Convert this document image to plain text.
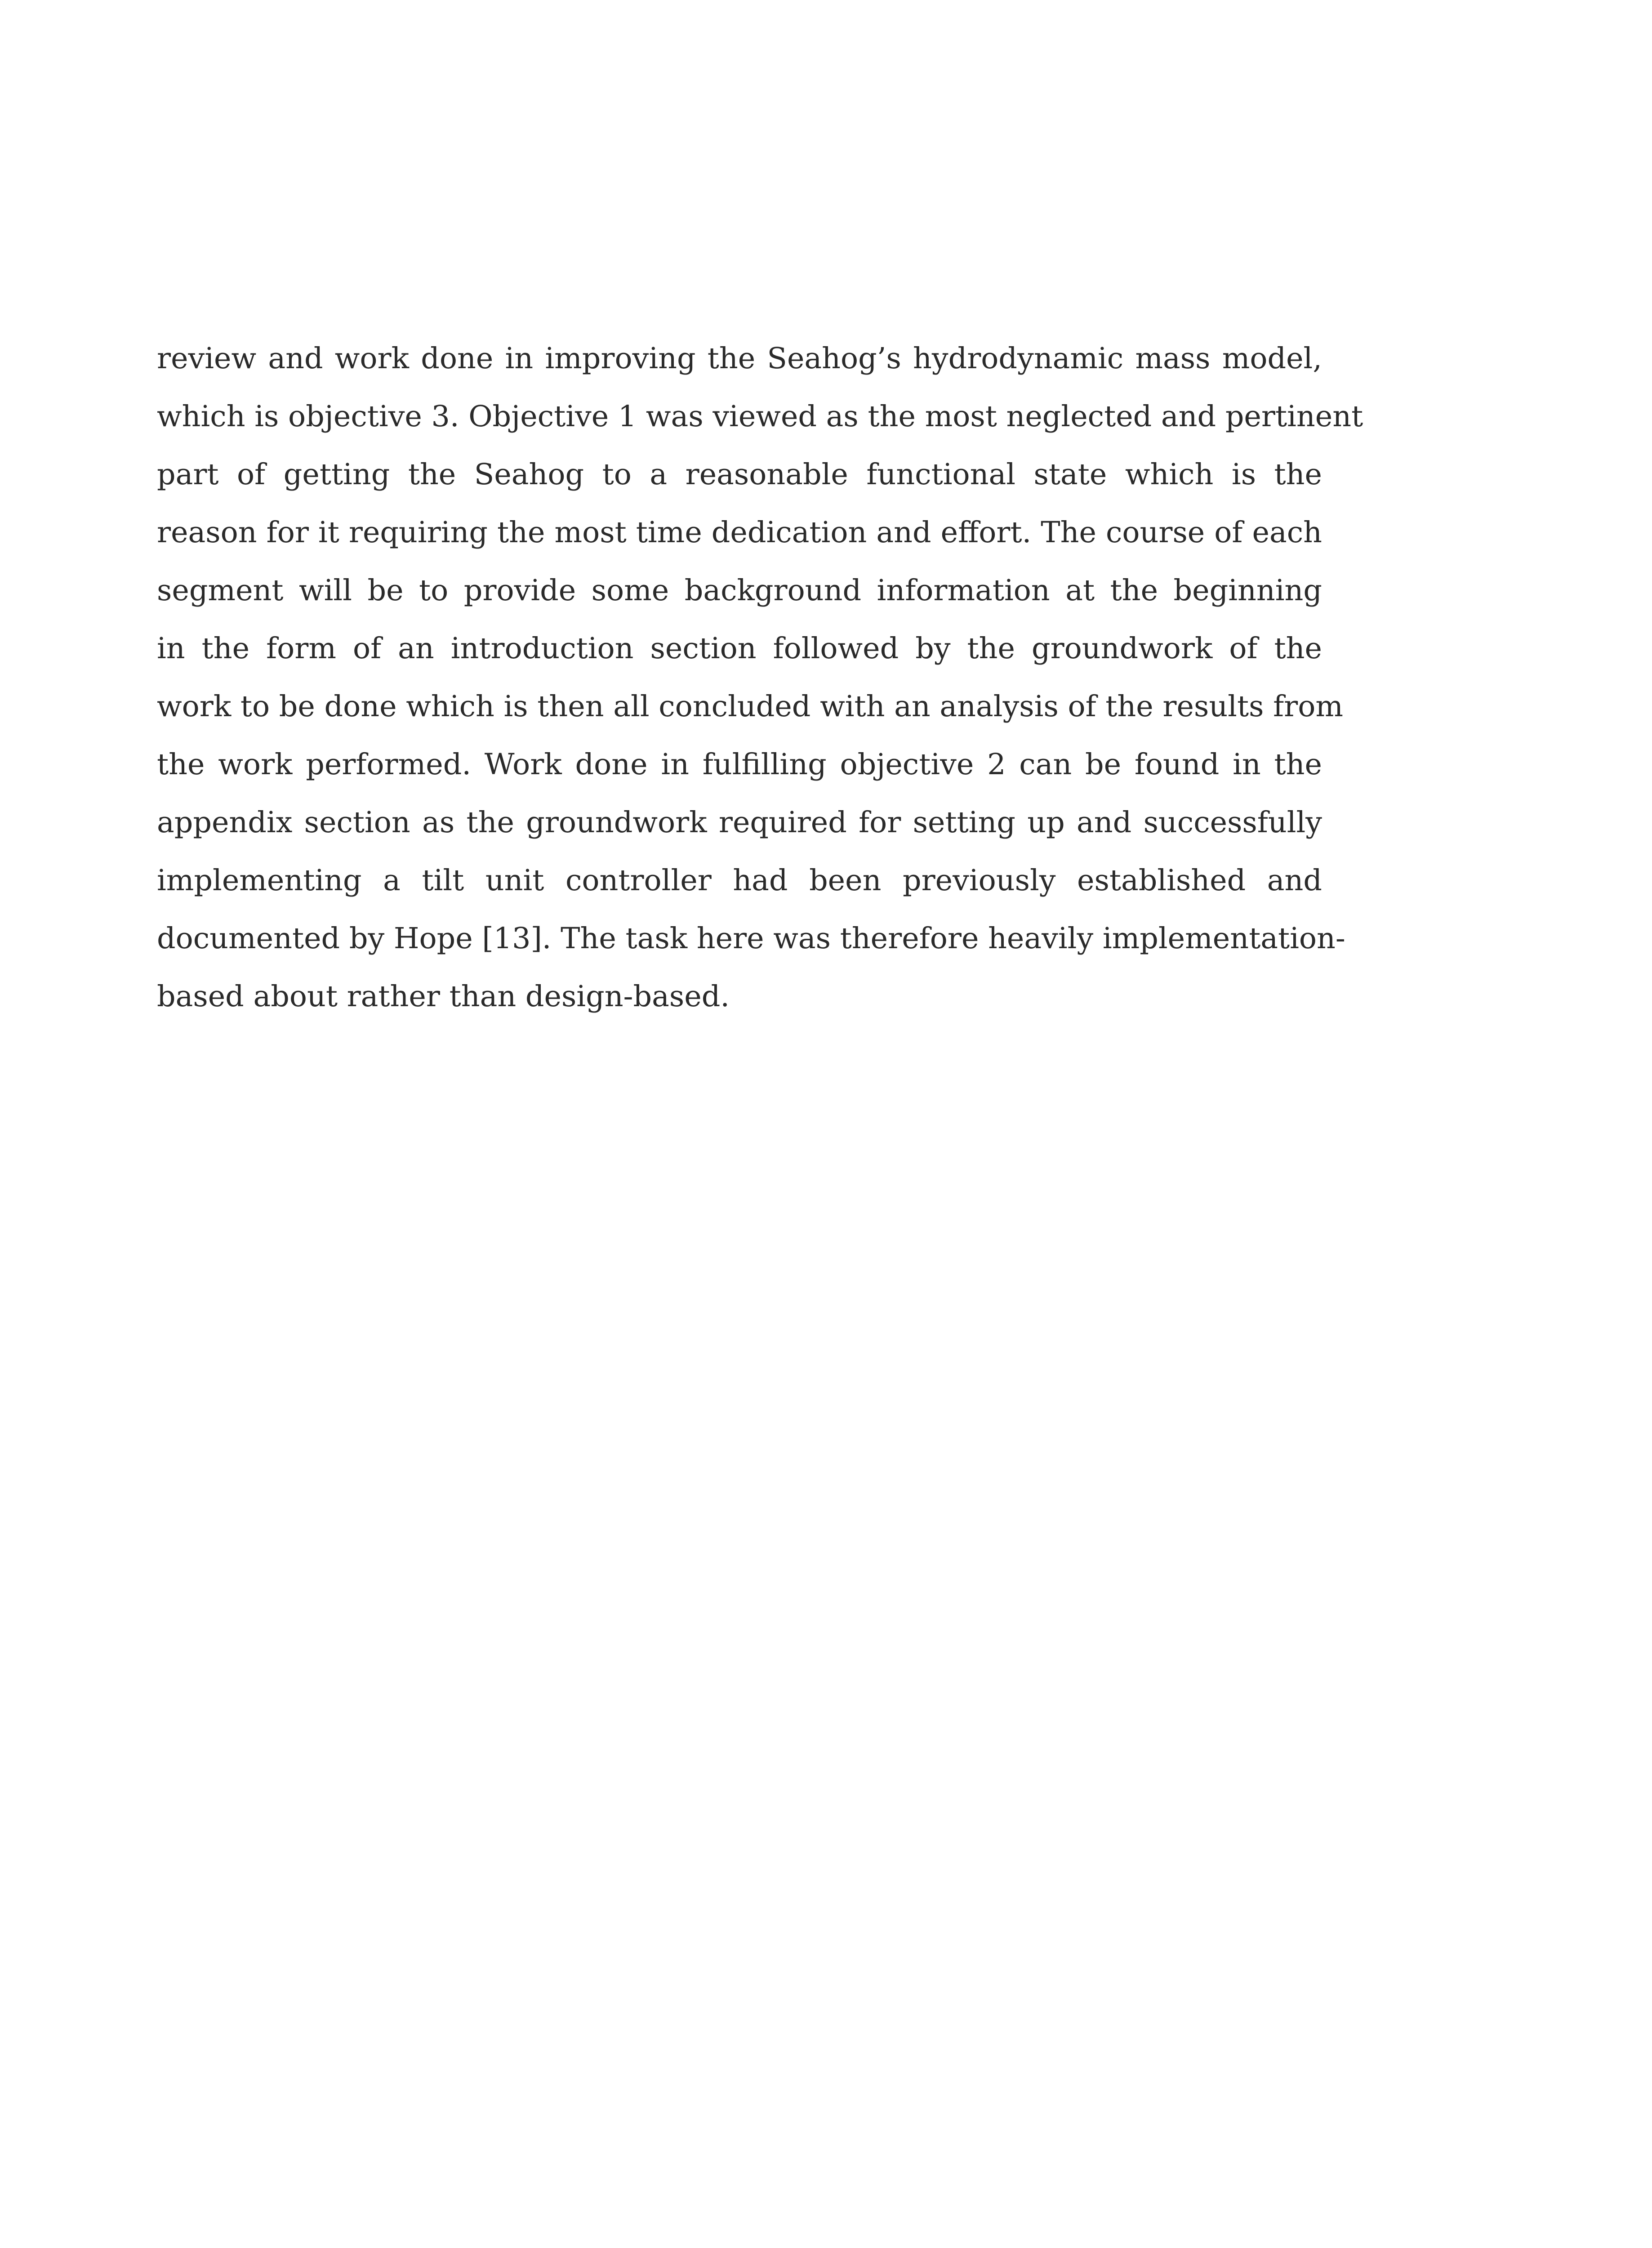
review and work done in improving the Seahog’s hydrodynamic mass model,
which is objective 3. Objective 1 was viewed as the most neglected and pertinent
part of getting the Seahog to a reasonable functional state which is the
reason for it requiring the most time dedication and effort. The course of each
segment will be to provide some background information at the beginning
in the form of an introduction section followed by the groundwork of the
work to be done which is then all concluded with an analysis of the results from
the work performed. Work done in fulfilling objective 2 can be found in the
appendix section as the groundwork required for setting up and successfully
implementing a tilt unit controller had been previously established and
documented by Hope [13]. The task here was therefore heavily implementation-
based about rather than design-based.
